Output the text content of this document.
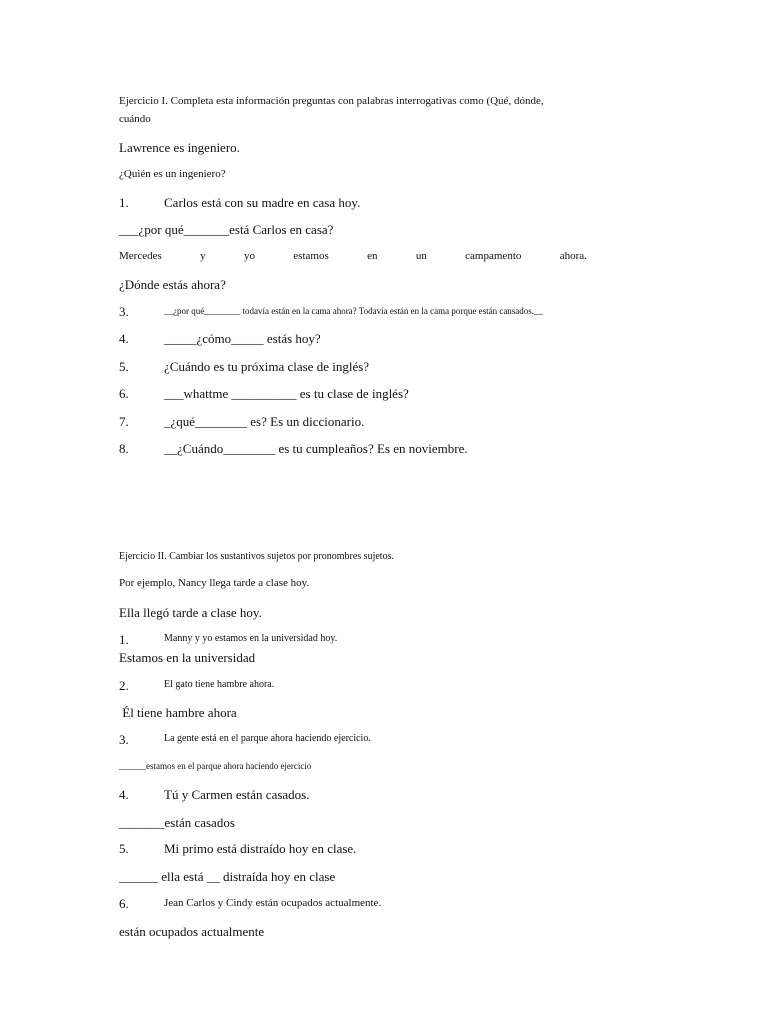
Ejercicio I. Completa esta información preguntas con palabras interrogativas como (Qué, dónde,
cuándo
Lawrence es ingeniero.
¿Quién es un ingeniero?
1.	Carlos está con su madre en casa hoy.
___¿por qué_______está Carlos en casa?
Mercedes	y	yo	estamos	en	un	campamento	ahora.
¿Dónde estás ahora?
3.	__¿por qué________ todavía están en la cama ahora? Todavía están en la cama porque están cansados.__
4.	_____¿cómo_____ estás hoy?
5.	¿Cuándo es tu próxima clase de inglés?
6.	___whattme __________ es tu clase de inglés?
7.	_¿qué________ es? Es un diccionario.
8.	__¿Cuándo________ es tu cumpleaños? Es en noviembre.
Ejercicio II. Cambiar los sustantivos sujetos por pronombres sujetos.
Por ejemplo, Nancy llega tarde a clase hoy.
Ella llegó tarde a clase hoy.
1.	Manny y yo estamos en la universidad hoy.
Estamos en la universidad
2.	El gato tiene hambre ahora.
Él tiene hambre ahora
3.	La gente está en el parque ahora haciendo ejercicio.
______estamos en el parque ahora haciendo ejercicio
4.	Tú y Carmen están casados.
_______están casados
5.	Mi primo está distraído hoy en clase.
______ ella está __ distraída hoy en clase
6.	Jean Carlos y Cindy están ocupados actualmente.
están ocupados actualmente
